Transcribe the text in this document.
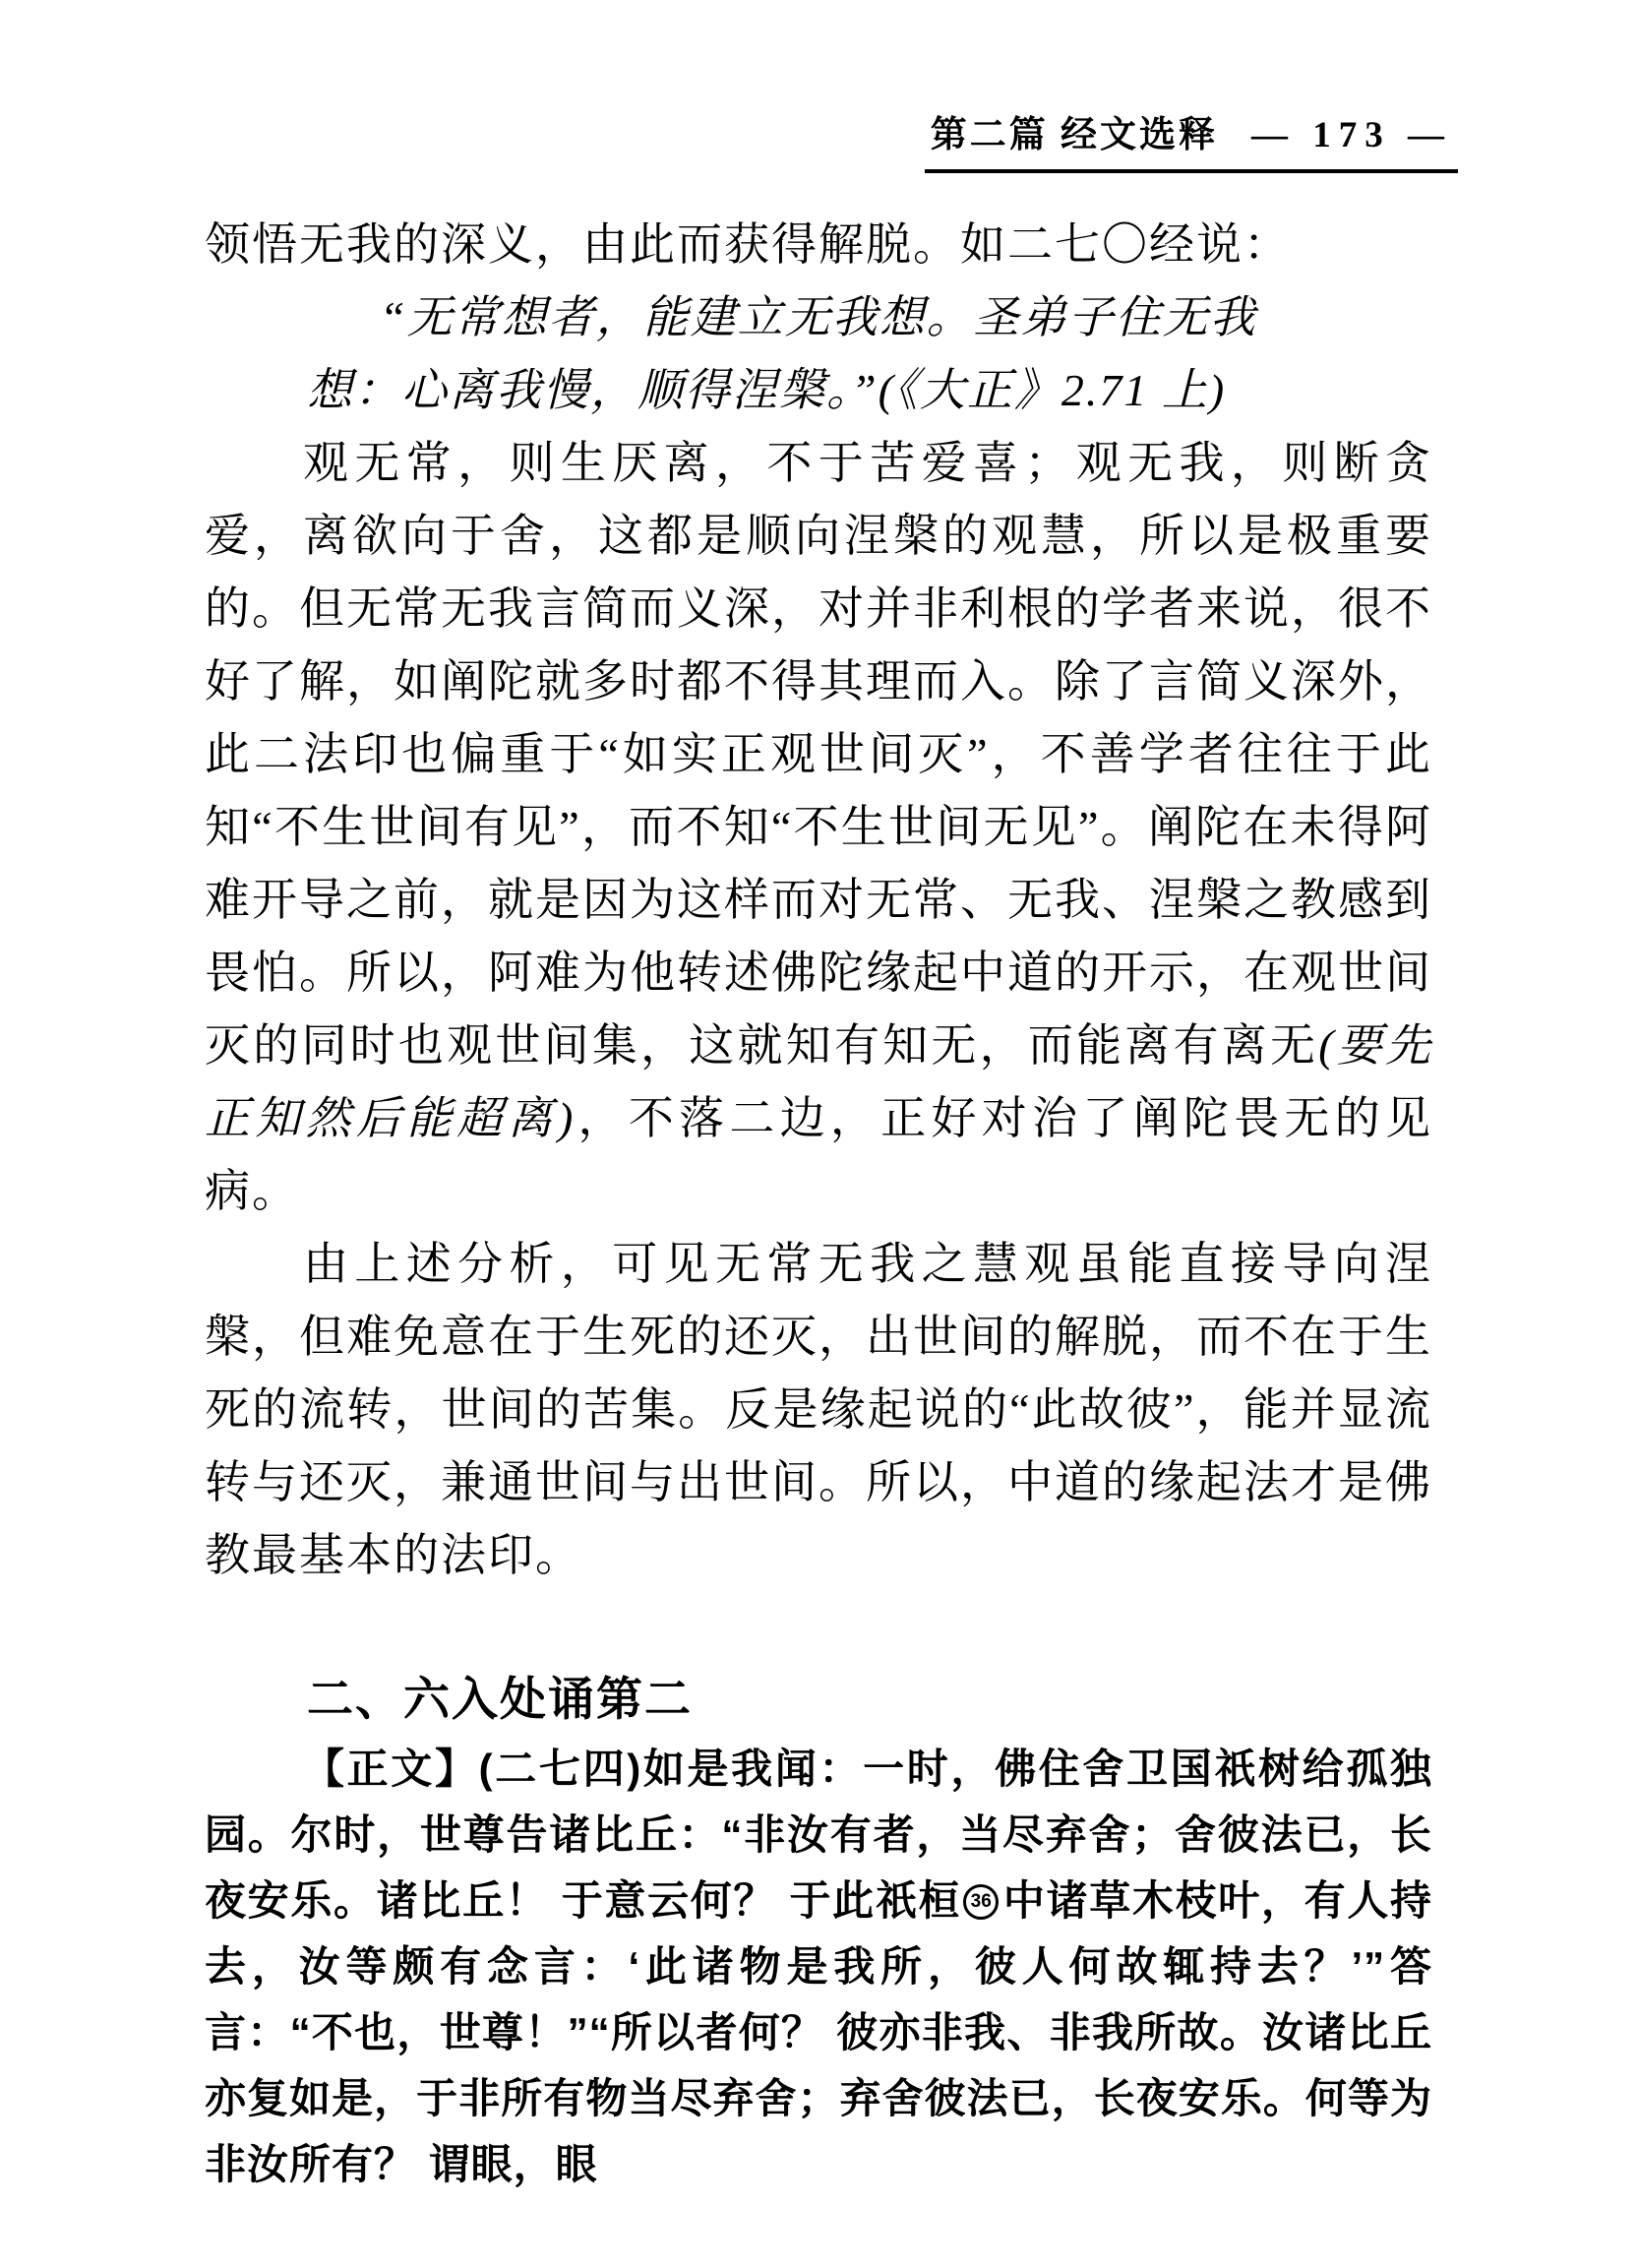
第二篇 经文选释 — 173 —

领悟无我的深义，由此而获得解脱。如二七〇经说：

“无常想者，能建立无我想。圣弟子住无我
想：心离我慢，顺得涅槃。”(《大正》2.71 上)

观无常，则生厌离，不于苦爱喜；观无我，则断贪爱，离欲向于舍，这都是顺向涅槃的观慧，所以是极重要的。但无常无我言简而义深，对并非利根的学者来说，很不好了解，如阐陀就多时都不得其理而入。除了言简义深外，此二法印也偏重于“如实正观世间灭”，不善学者往往于此知“不生世间有见”，而不知“不生世间无见”。阐陀在未得阿难开导之前，就是因为这样而对无常、无我、涅槃之教感到畏怕。所以，阿难为他转述佛陀缘起中道的开示，在观世间灭的同时也观世间集，这就知有知无，而能离有离无(要先正知然后能超离)，不落二边，正好对治了阐陀畏无的见病。

由上述分析，可见无常无我之慧观虽能直接导向涅槃，但难免意在于生死的还灭，出世间的解脱，而不在于生死的流转，世间的苦集。反是缘起说的“此故彼”，能并显流转与还灭，兼通世间与出世间。所以，中道的缘起法才是佛教最基本的法印。

二、六入处诵第二

【正文】(二七四)如是我闻：一时，佛住舍卫国祇树给孤独园。尔时，世尊告诸比丘：“非汝有者，当尽弃舍；舍彼法已，长夜安乐。诸比丘！ 于意云何？ 于此祇桓 36 中诸草木枝叶，有人持去，汝等颇有念言：‘此诸物是我所，彼人何故辄持去？’”答言：“不也，世尊！”“所以者何？ 彼亦非我、非我所故。汝诸比丘亦复如是，于非所有物当尽弃舍；弃舍彼法已，长夜安乐。何等为非汝所有？ 谓眼，眼
